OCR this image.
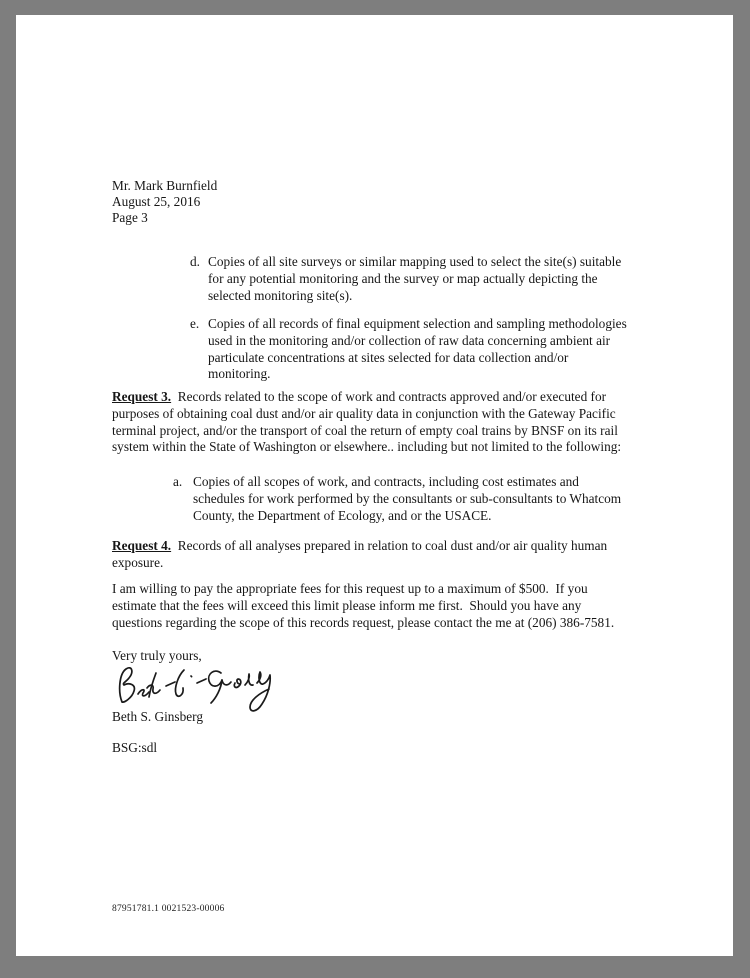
Mr. Mark Burnfield
August 25, 2016
Page 3
d. Copies of all site surveys or similar mapping used to select the site(s) suitable
for any potential monitoring and the survey or map actually depicting the
selected monitoring site(s).
e. Copies of all records of final equipment selection and sampling methodologies
used in the monitoring and/or collection of raw data concerning ambient air
particulate concentrations at sites selected for data collection and/or
monitoring.
Request 3.  Records related to the scope of work and contracts approved and/or executed for
purposes of obtaining coal dust and/or air quality data in conjunction with the Gateway Pacific
terminal project, and/or the transport of coal the return of empty coal trains by BNSF on its rail
system within the State of Washington or elsewhere.. including but not limited to the following:
a. Copies of all scopes of work, and contracts, including cost estimates and
schedules for work performed by the consultants or sub-consultants to Whatcom
County, the Department of Ecology, and or the USACE.
Request 4.  Records of all analyses prepared in relation to coal dust and/or air quality human
exposure.
I am willing to pay the appropriate fees for this request up to a maximum of $500.  If you
estimate that the fees will exceed this limit please inform me first.  Should you have any
questions regarding the scope of this records request, please contact the me at (206) 386-7581.
Very truly yours,
Beth S. Ginsberg
BSG:sdl
87951781.1 0021523-00006
